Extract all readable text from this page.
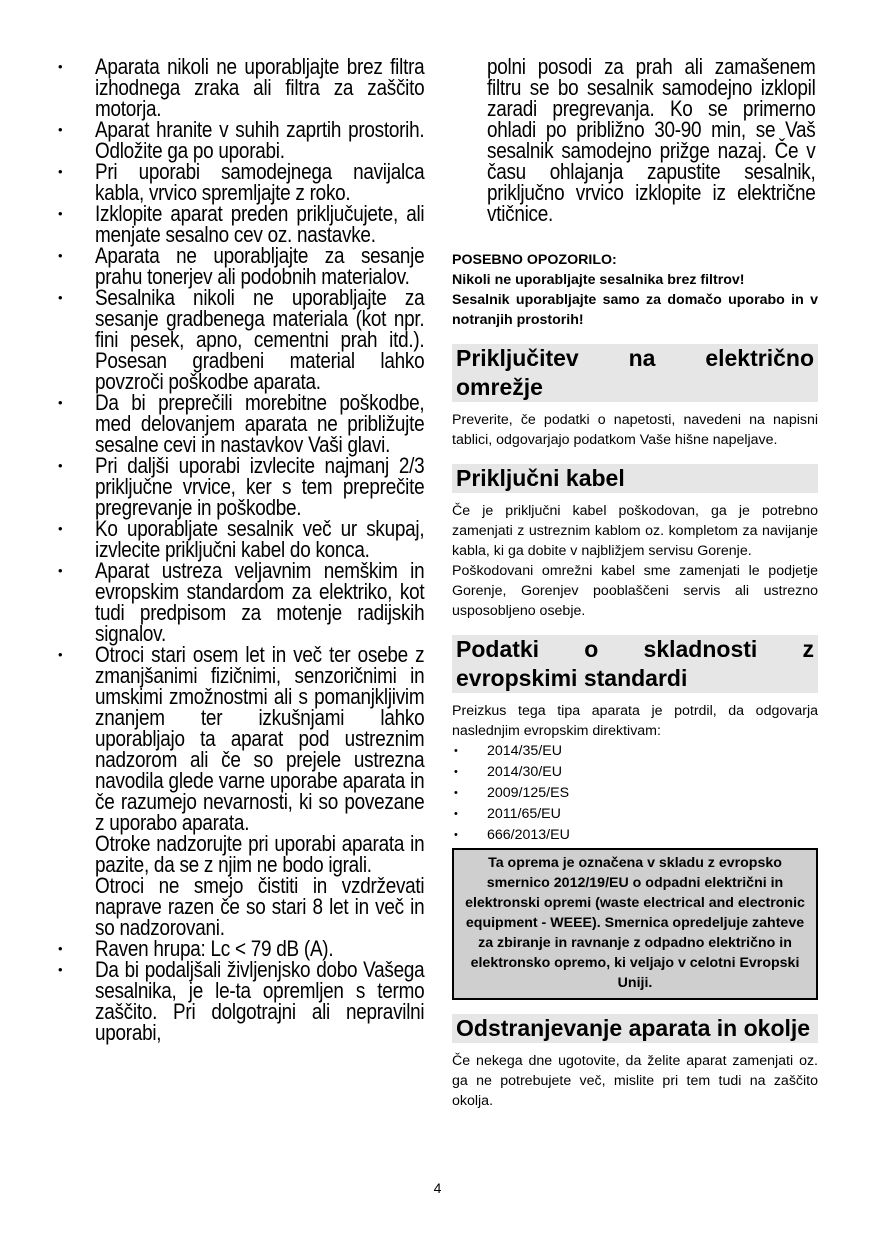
• Aparata nikoli ne uporabljajte brez filtra izhodnega zraka ali filtra za zaščito motorja.
• Aparat hranite v suhih zaprtih prostorih. Odložite ga po uporabi.
• Pri uporabi samodejnega navijalca kabla, vrvico spremljajte z roko.
• Izklopite aparat preden priključujete, ali menjate sesalno cev oz. nastavke.
• Aparata ne uporabljajte za sesanje prahu tonerjev ali podobnih materialov.
• Sesalnika nikoli ne uporabljajte za sesanje gradbenega materiala (kot npr. fini pesek, apno, cementni prah itd.). Posesan gradbeni material lahko povzroči poškodbe aparata.
• Da bi preprečili morebitne poškodbe, med delovanjem aparata ne približujte sesalne cevi in nastavkov Vaši glavi.
• Pri daljši uporabi izvlecite najmanj 2/3 priključne vrvice, ker s tem preprečite pregrevanje in poškodbe.
• Ko uporabljate sesalnik več ur skupaj, izvlecite priključni kabel do konca.
• Aparat ustreza veljavnim nemškim in evropskim standardom za elektriko, kot tudi predpisom za motenje radijskih signalov.
• Otroci stari osem let in več ter osebe z zmanjšanimi fizičnimi, senzoričnimi in umskimi zmožnostmi ali s pomanjkljivim znanjem ter izkušnjami lahko uporabljajo ta aparat pod ustreznim nadzorom ali če so prejele ustrezna navodila glede varne uporabe aparata in če razumejo nevarnosti, ki so povezane z uporabo aparata.

Otroke nadzorujte pri uporabi aparata in pazite, da se z njim ne bodo igrali.

Otroci ne smejo čistiti in vzdrževati naprave razen če so stari 8 let in več in so nadzorovani.

• Raven hrupa: Lc < 79 dB (A).
• Da bi podaljšali življenjsko dobo Vašega sesalnika, je le-ta opremljen s termo zaščito. Pri dolgotrajni ali nepravilni uporabi,
polni posodi za prah ali zamašenem filtru se bo sesalnik samodejno izklopil zaradi pregrevanja. Ko se primerno ohladi po približno 30-90 min, se Vaš sesalnik samodejno prižge nazaj. Če v času ohlajanja zapustite sesalnik, priključno vrvico izklopite iz električne vtičnice.
POSEBNO OPOZORILO:
Nikoli ne uporabljajte sesalnika brez filtrov!
Sesalnik uporabljajte samo za domačo uporabo in v notranjih prostorih!
Priključitev na električno omrežje
Preverite, če podatki o napetosti, navedeni na napisni tablici, odgovarjajo podatkom Vaše hišne napeljave.
Priključni kabel
Če je priključni kabel poškodovan, ga je potrebno zamenjati z ustreznim kablom oz. kompletom za navijanje kabla, ki ga dobite v najbližjem servisu Gorenje.
Poškodovani omrežni kabel sme zamenjati le podjetje Gorenje, Gorenjev pooblaščeni servis ali ustrezno usposobljeno osebje.
Podatki o skladnosti z evropskimi standardi
Preizkus tega tipa aparata je potrdil, da odgovarja naslednjim evropskim direktivam:
• 2014/35/EU
• 2014/30/EU
• 2009/125/ES
• 2011/65/EU
• 666/2013/EU
Ta oprema je označena v skladu z evropsko smernico 2012/19/EU o odpadni električni in elektronski opremi (waste electrical and electronic equipment - WEEE). Smernica opredeljuje zahteve za zbiranje in ravnanje z odpadno električno in elektronsko opremo, ki veljajo v celotni Evropski Uniji.
Odstranjevanje aparata in okolje
Če nekega dne ugotovite, da želite aparat zamenjati oz. ga ne potrebujete več, mislite pri tem tudi na zaščito okolja.
4
